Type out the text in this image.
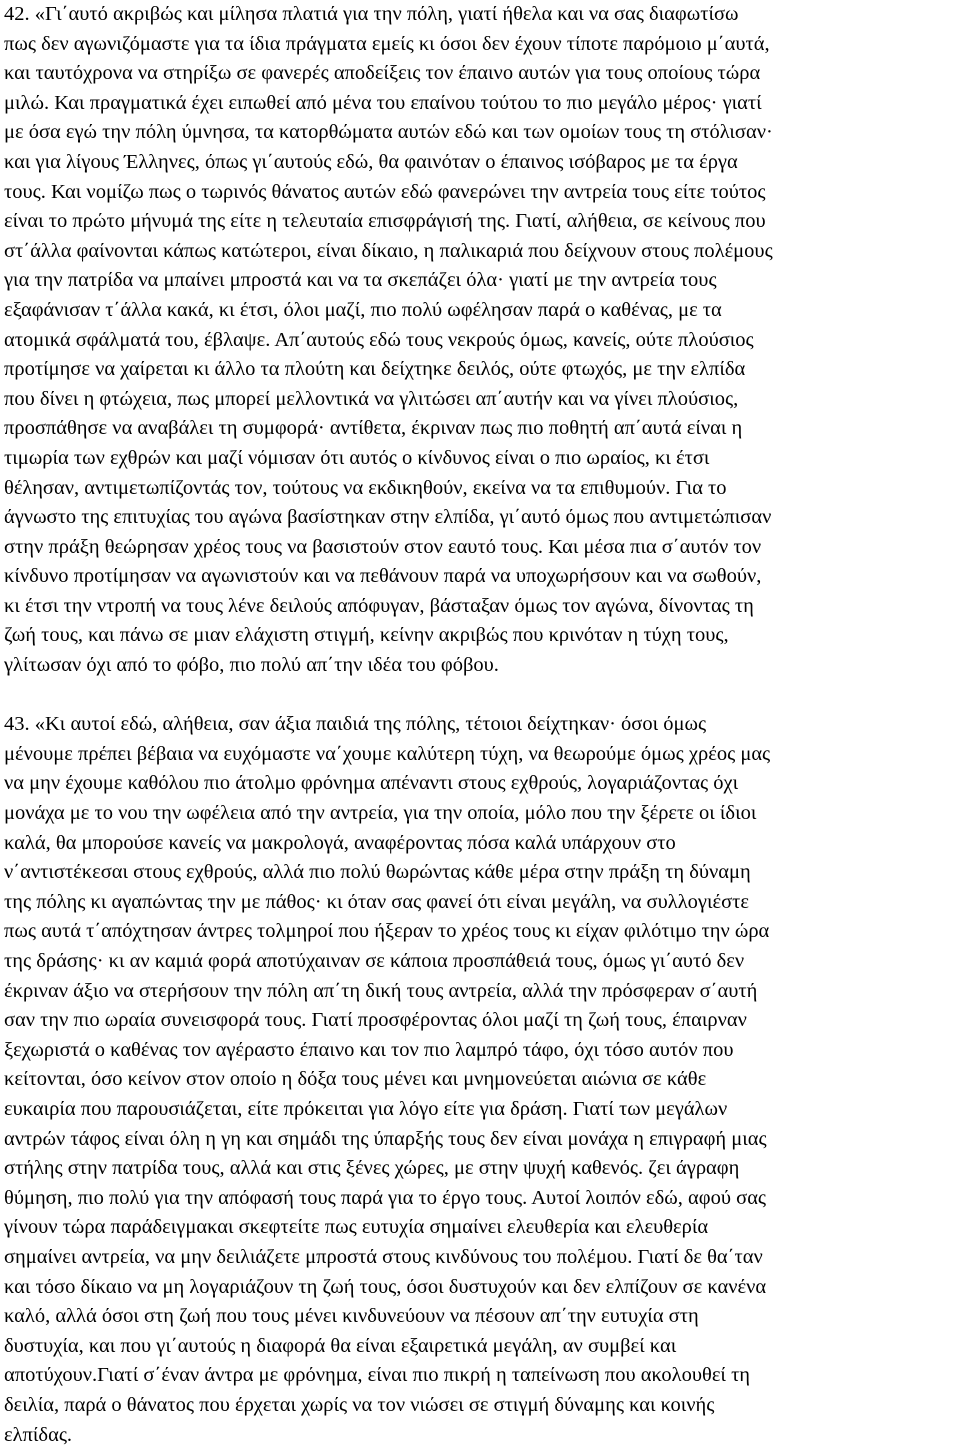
42. «Γι΄αυτό ακριβώς και μίλησα πλατιά για την πόλη, γιατί ήθελα και να σας διαφωτίσω
πως δεν αγωνιζόμαστε για τα ίδια πράγματα εμείς κι όσοι δεν έχουν τίποτε παρόμοιο μ΄αυτά,
και ταυτόχρονα να στηρίξω σε φανερές αποδείξεις τον έπαινο αυτών για τους οποίους τώρα
μιλώ. Και πραγματικά έχει ειπωθεί από μένα του επαίνου τούτου το πιο μεγάλο μέρος· γιατί
με όσα εγώ την πόλη ύμνησα, τα κατορθώματα αυτών εδώ και των ομοίων τους τη στόλισαν·
και για λίγους Έλληνες, όπως γι΄αυτούς εδώ, θα φαινόταν ο έπαινος ισόβαρος με τα έργα
τους. Και νομίζω πως ο τωρινός θάνατος αυτών εδώ φανερώνει την αντρεία τους είτε τούτος
είναι το πρώτο μήνυμά της είτε η τελευταία επισφράγισή της. Γιατί, αλήθεια, σε κείνους που
στ΄άλλα φαίνονται κάπως κατώτεροι, είναι δίκαιο, η παλικαριά που δείχνουν στους πολέμους
για την πατρίδα να μπαίνει μπροστά και να τα σκεπάζει όλα· γιατί με την αντρεία τους
εξαφάνισαν τ΄άλλα κακά, κι έτσι, όλοι μαζί, πιο πολύ ωφέλησαν παρά ο καθένας, με τα
ατομικά σφάλματά του, έβλαψε. Απ΄αυτούς εδώ τους νεκρούς όμως, κανείς, ούτε πλούσιος
προτίμησε να χαίρεται κι άλλο τα πλούτη και δείχτηκε δειλός, ούτε φτωχός, με την ελπίδα
που δίνει η φτώχεια, πως μπορεί μελλοντικά να γλιτώσει απ΄αυτήν και να γίνει πλούσιος,
προσπάθησε να αναβάλει τη συμφορά· αντίθετα, έκριναν πως πιο ποθητή απ΄αυτά είναι η
τιμωρία των εχθρών και μαζί νόμισαν ότι αυτός ο κίνδυνος είναι ο πιο ωραίος, κι έτσι
θέλησαν, αντιμετωπίζοντάς τον, τούτους να εκδικηθούν, εκείνα να τα επιθυμούν. Για το
άγνωστο της επιτυχίας του αγώνα βασίστηκαν στην ελπίδα, γι΄αυτό όμως που αντιμετώπισαν
στην πράξη θεώρησαν χρέος τους να βασιστούν στον εαυτό τους. Και μέσα πια σ΄αυτόν τον
κίνδυνο προτίμησαν να αγωνιστούν και να πεθάνουν παρά να υποχωρήσουν και να σωθούν,
κι έτσι την ντροπή να τους λένε δειλούς απόφυγαν, βάσταξαν όμως τον αγώνα, δίνοντας τη
ζωή τους, και πάνω σε μιαν ελάχιστη στιγμή, κείνην ακριβώς που κρινόταν η τύχη τους,
γλίτωσαν όχι από το φόβο, πιο πολύ απ΄την ιδέα του φόβου.
43. «Κι αυτοί εδώ, αλήθεια, σαν άξια παιδιά της πόλης, τέτοιοι δείχτηκαν· όσοι όμως
μένουμε πρέπει βέβαια να ευχόμαστε να΄χουμε καλύτερη τύχη, να θεωρούμε όμως χρέος μας
να μην έχουμε καθόλου πιο άτολμο φρόνημα απέναντι στους εχθρούς, λογαριάζοντας όχι
μονάχα με το νου την ωφέλεια από την αντρεία, για την οποία, μόλο που την ξέρετε οι ίδιοι
καλά, θα μπορούσε κανείς να μακρολογά, αναφέροντας πόσα καλά υπάρχουν στο
ν΄αντιστέκεσαι στους εχθρούς, αλλά πιο πολύ θωρώντας κάθε μέρα στην πράξη τη δύναμη
της πόλης κι αγαπώντας την με πάθος· κι όταν σας φανεί ότι είναι μεγάλη, να συλλογιέστε
πως αυτά τ΄απόχτησαν άντρες τολμηροί που ήξεραν το χρέος τους κι είχαν φιλότιμο την ώρα
της δράσης· κι αν καμιά φορά αποτύχαιναν σε κάποια προσπάθειά τους, όμως γι΄αυτό δεν
έκριναν άξιο να στερήσουν την πόλη απ΄τη δική τους αντρεία, αλλά την πρόσφεραν σ΄αυτή
σαν την πιο ωραία συνεισφορά τους. Γιατί προσφέροντας όλοι μαζί τη ζωή τους, έπαιρναν
ξεχωριστά ο καθένας τον αγέραστο έπαινο και τον πιο λαμπρό τάφο, όχι τόσο αυτόν που
κείτονται, όσο κείνον στον οποίο η δόξα τους μένει και μνημονεύεται αιώνια σε κάθε
ευκαιρία που παρουσιάζεται, είτε πρόκειται για λόγο είτε για δράση. Γιατί των μεγάλων
αντρών τάφος είναι όλη η γη και σημάδι της ύπαρξής τους δεν είναι μονάχα η επιγραφή μιας
στήλης στην πατρίδα τους, αλλά και στις ξένες χώρες, με στην ψυχή καθενός. ζει άγραφη
θύμηση, πιο πολύ για την απόφασή τους παρά για το έργο τους. Αυτοί λοιπόν εδώ, αφού σας
γίνουν τώρα παράδειγμακαι σκεφτείτε πως ευτυχία σημαίνει ελευθερία και ελευθερία
σημαίνει αντρεία, να μην δειλιάζετε μπροστά στους κινδύνους του πολέμου. Γιατί δε θα΄ταν
και τόσο δίκαιο να μη λογαριάζουν τη ζωή τους, όσοι δυστυχούν και δεν ελπίζουν σε κανένα
καλό, αλλά όσοι στη ζωή που τους μένει κινδυνεύουν να πέσουν απ΄την ευτυχία στη
δυστυχία, και που γι΄αυτούς η διαφορά θα είναι εξαιρετικά μεγάλη, αν συμβεί και
αποτύχουν.Γιατί σ΄έναν άντρα με φρόνημα, είναι πιο πικρή η ταπείνωση που ακολουθεί τη
δειλία, παρά ο θάνατος που έρχεται χωρίς να τον νιώσει σε στιγμή δύναμης και κοινής
ελπίδας.
